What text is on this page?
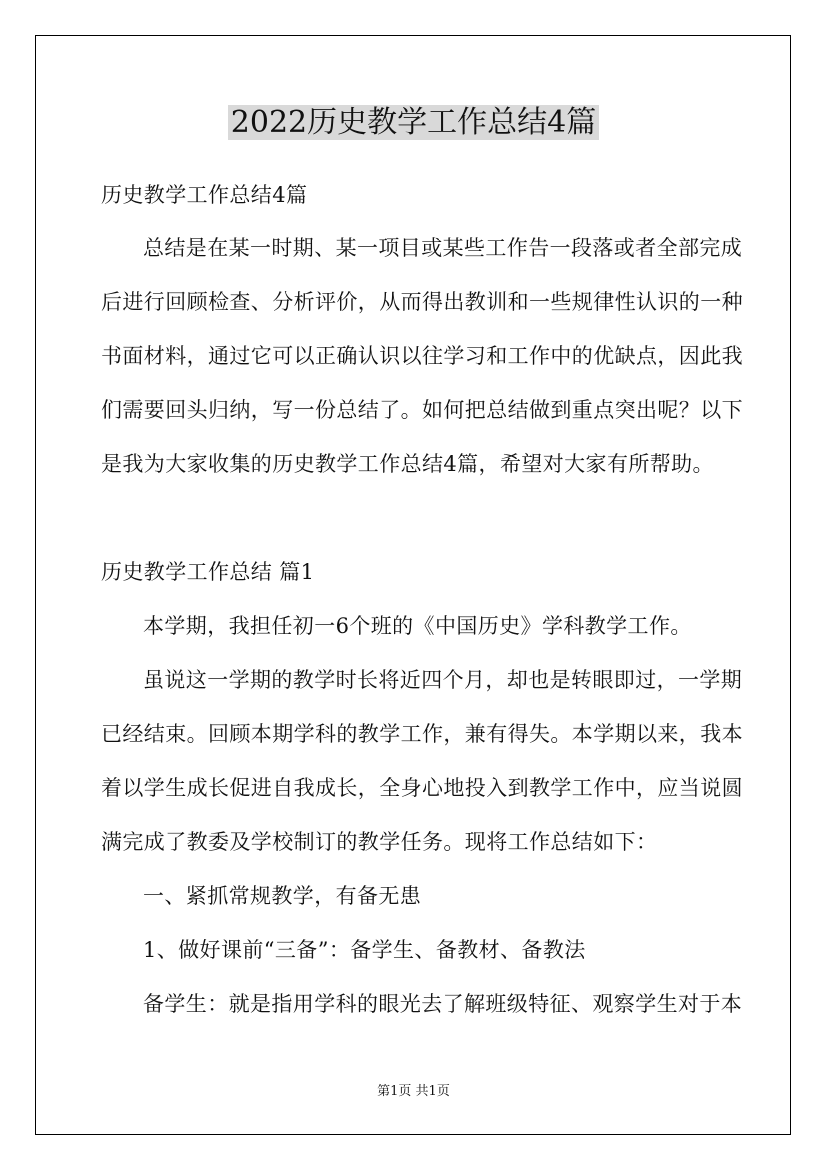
2022历史教学工作总结4篇
历史教学工作总结4篇
总结是在某一时期、某一项目或某些工作告一段落或者全部完成
后进行回顾检查、分析评价，从而得出教训和一些规律性认识的一种
书面材料，通过它可以正确认识以往学习和工作中的优缺点，因此我
们需要回头归纳，写一份总结了。如何把总结做到重点突出呢？以下
是我为大家收集的历史教学工作总结4篇，希望对大家有所帮助。
历史教学工作总结 篇1
本学期，我担任初一6个班的《中国历史》学科教学工作。
虽说这一学期的教学时长将近四个月，却也是转眼即过，一学期
已经结束。回顾本期学科的教学工作，兼有得失。本学期以来，我本
着以学生成长促进自我成长，全身心地投入到教学工作中，应当说圆
满完成了教委及学校制订的教学任务。现将工作总结如下：
一、紧抓常规教学，有备无患
1、做好课前“三备”：备学生、备教材、备教法
备学生：就是指用学科的眼光去了解班级特征、观察学生对于本
第1页 共1页
